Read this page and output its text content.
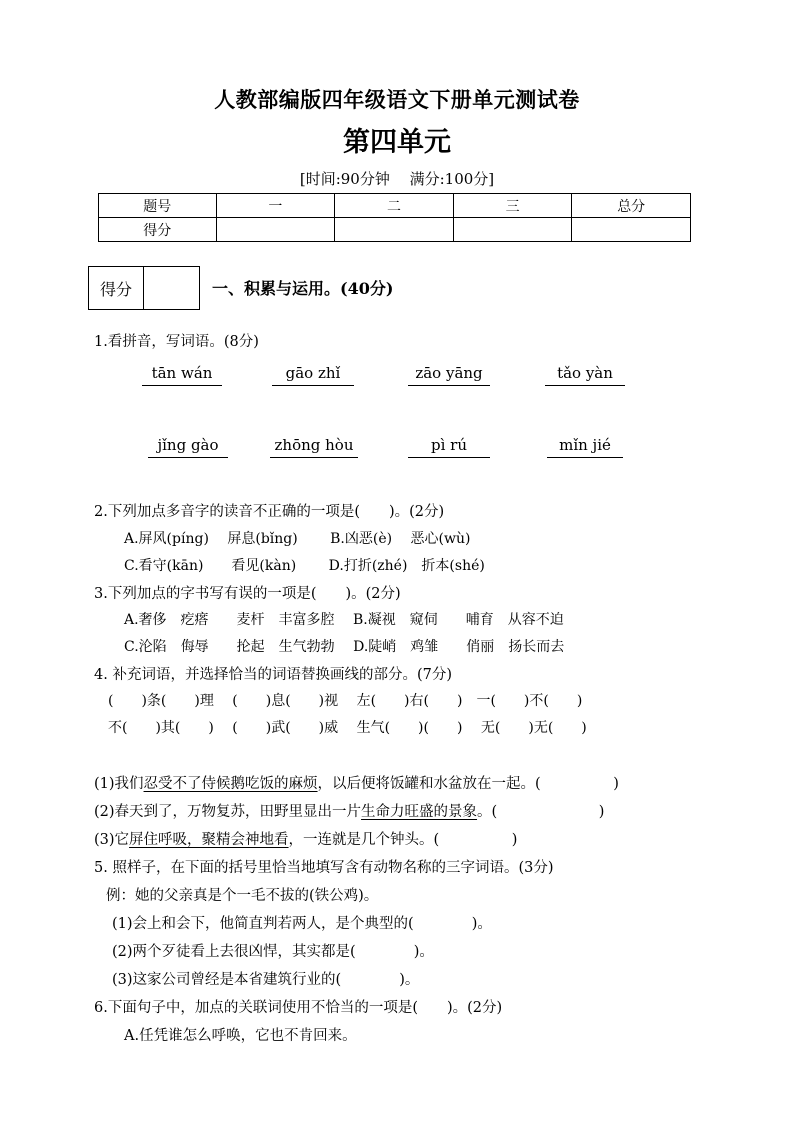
人教部编版四年级语文下册单元测试卷
第四单元
[时间:90分钟　 满分:100分]
题号	一	二	三	总分
得分				
得分	一、积累与运用。(40分)
1.看拼音，写词语。(8分)
tān wán	gāo zhǐ	zāo yāng	tǎo yàn
jǐng gào	zhōng hòu	pì rú	mǐn jié
2.下列加点多音字的读音不正确的一项是(　　)。(2分)
A.屏风(píng)　 屏息(bǐng)　　 B.凶恶(è)　 恶心(wù)
C.看守(kān)　　看见(kàn)　　 D.打折(zhé)　折本(shé)
3.下列加点的字书写有误的一项是(　　)。(2分)
A.奢侈　疙瘩　　麦杆　丰富多腔　 B.凝视　窥伺　　哺育　从容不迫
C.沦陷　侮辱　　抡起　生气勃勃　 D.陡峭　鸡雏　　俏丽　扬长而去
4. 补充词语，并选择恰当的词语替换画线的部分。(7分)
(　　)条(　　)理　 (　　)息(　　)视　 左(　　)右(　　)　一(　　)不(　　)
不(　　)其(　　)　 (　　)武(　　)威　 生气(　　)(　　)　 无(　　)无(　　)
(1)我们忍受不了侍候鹅吃饭的麻烦，以后便将饭罐和水盆放在一起。(　　　　　)
(2)春天到了，万物复苏，田野里显出一片生命力旺盛的景象。(　　　　　　　)
(3)它屏住呼吸，聚精会神地看，一连就是几个钟头。(　　　　　)
5. 照样子，在下面的括号里恰当地填写含有动物名称的三字词语。(3分)
例：她的父亲真是个一毛不拔的(铁公鸡)。
(1)会上和会下，他简直判若两人，是个典型的(　　　　)。
(2)两个歹徒看上去很凶悍，其实都是(　　　　)。
(3)这家公司曾经是本省建筑行业的(　　　　)。
6.下面句子中，加点的关联词使用不恰当的一项是(　　)。(2分)
A.任凭谁怎么呼唤，它也不肯回来。
